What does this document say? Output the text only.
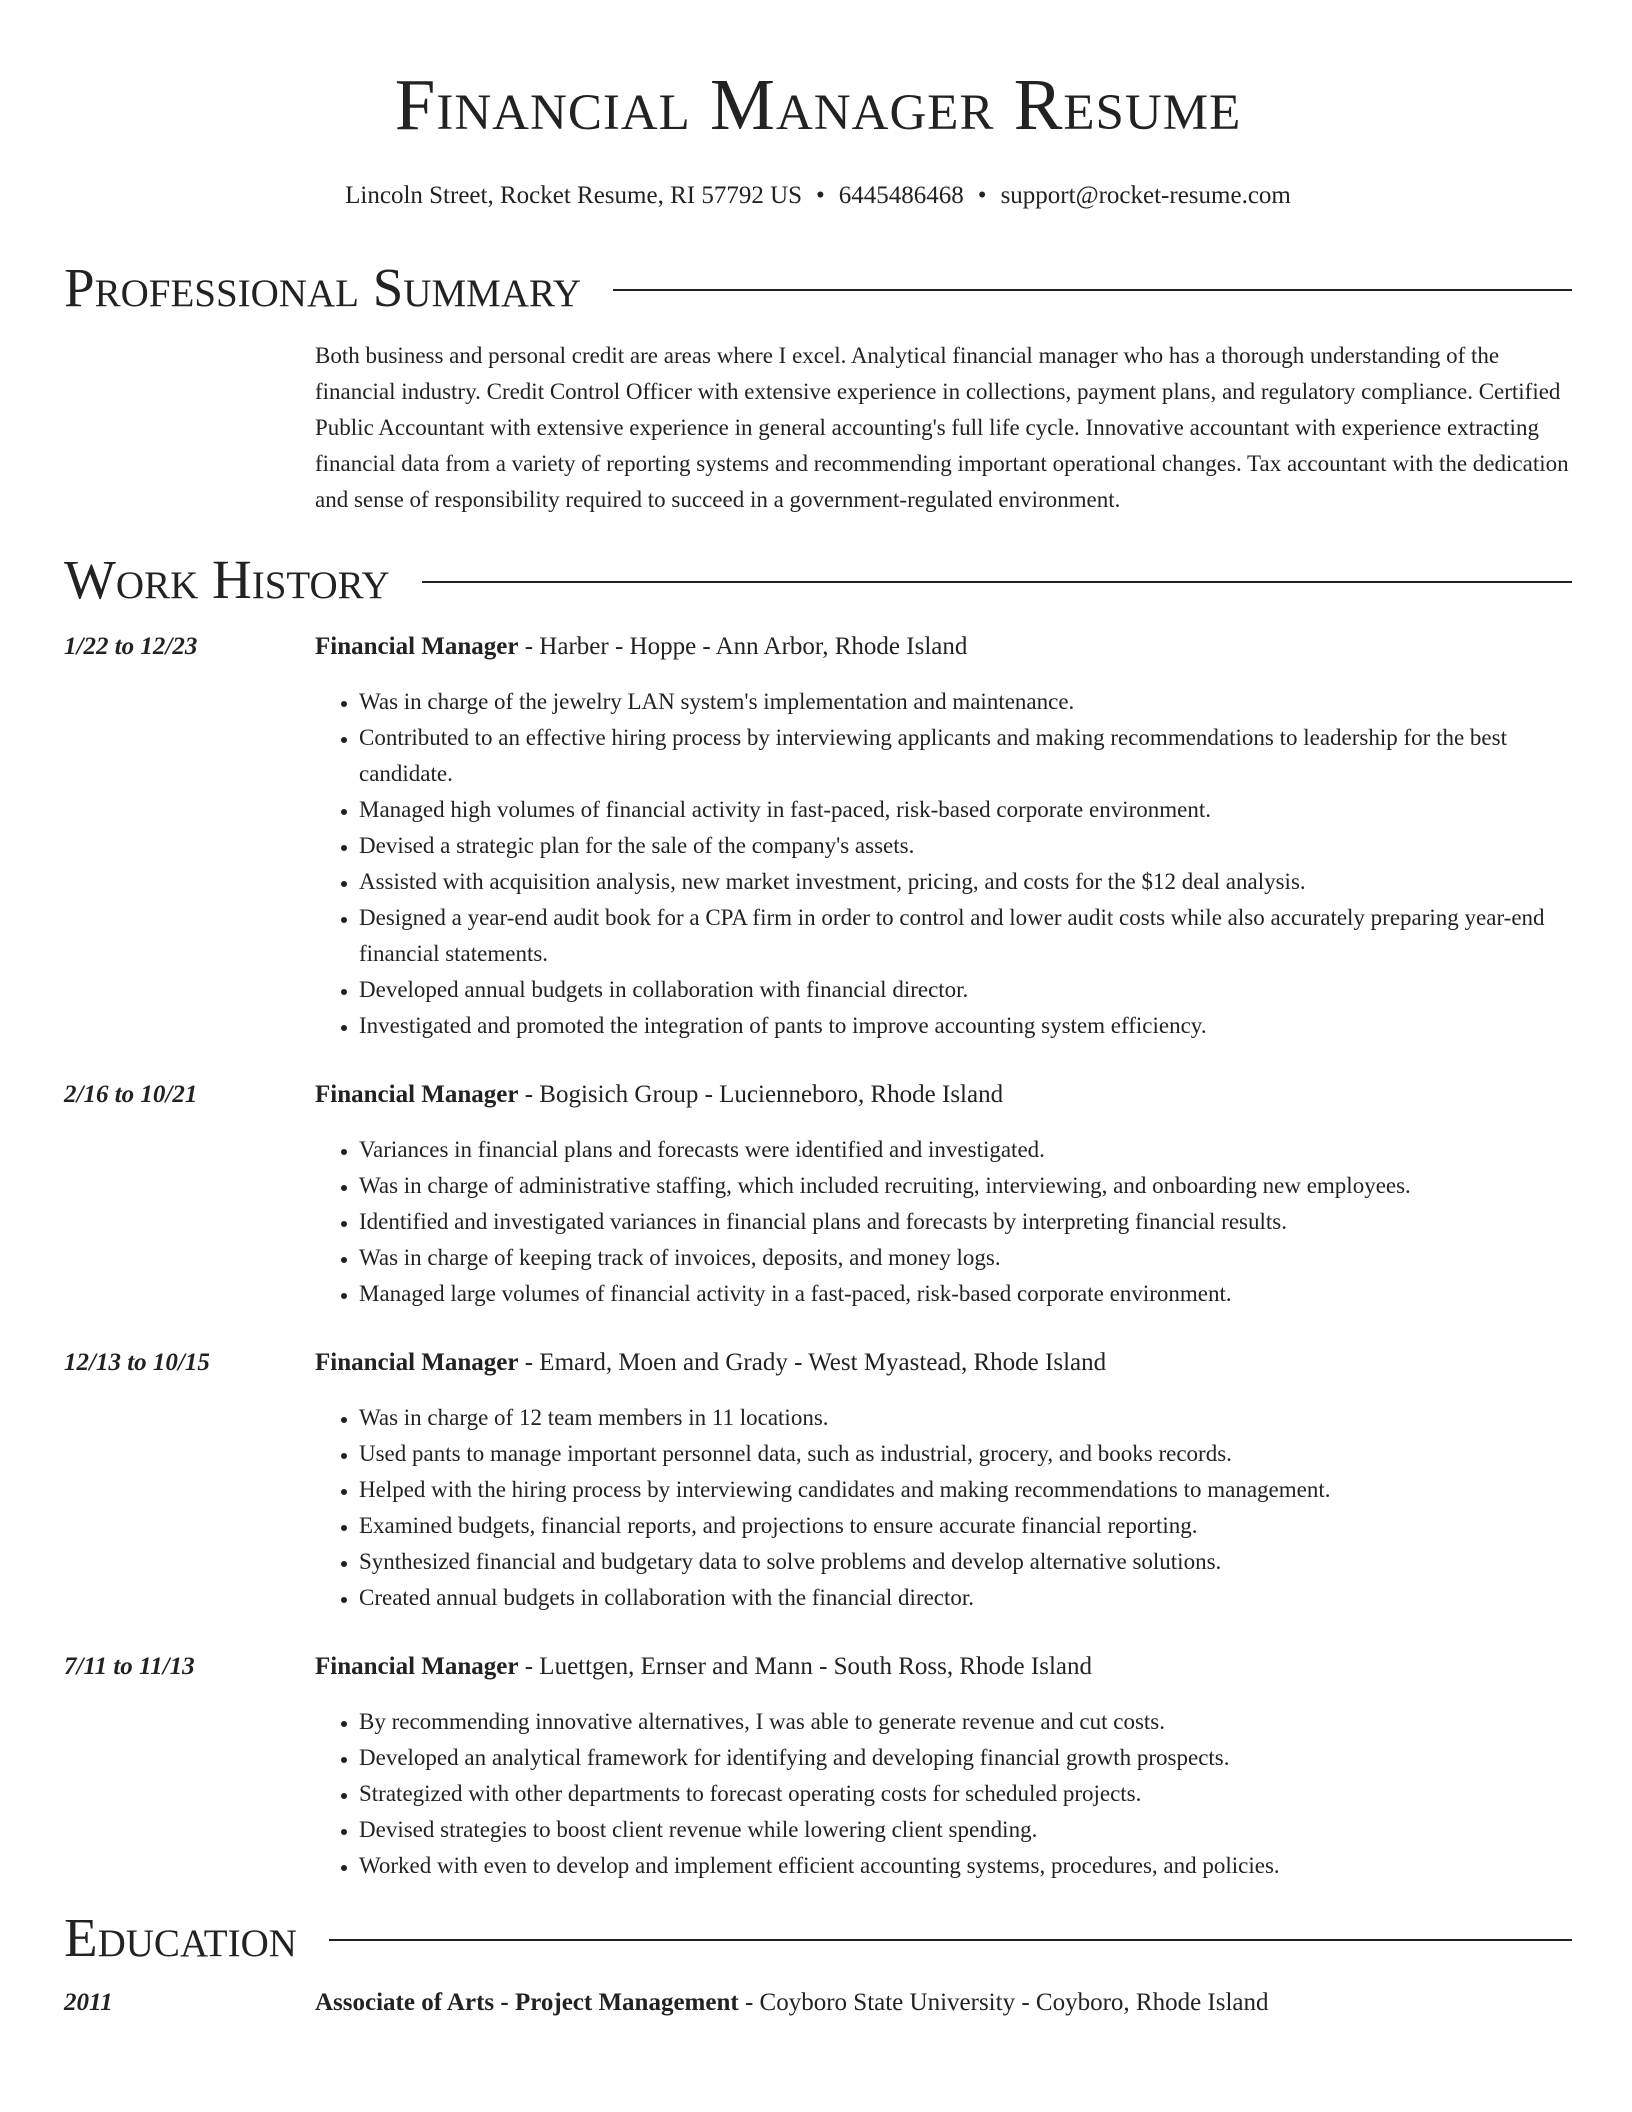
Financial Manager Resume
Lincoln Street, Rocket Resume, RI 57792 US • 6445486468 • support@rocket-resume.com
Professional Summary
Both business and personal credit are areas where I excel. Analytical financial manager who has a thorough understanding of the financial industry. Credit Control Officer with extensive experience in collections, payment plans, and regulatory compliance. Certified Public Accountant with extensive experience in general accounting's full life cycle. Innovative accountant with experience extracting financial data from a variety of reporting systems and recommending important operational changes. Tax accountant with the dedication and sense of responsibility required to succeed in a government-regulated environment.
Work History
1/22 to 12/23	Financial Manager - Harber - Hoppe - Ann Arbor, Rhode Island
• Was in charge of the jewelry LAN system's implementation and maintenance.
• Contributed to an effective hiring process by interviewing applicants and making recommendations to leadership for the best candidate.
• Managed high volumes of financial activity in fast-paced, risk-based corporate environment.
• Devised a strategic plan for the sale of the company's assets.
• Assisted with acquisition analysis, new market investment, pricing, and costs for the $12 deal analysis.
• Designed a year-end audit book for a CPA firm in order to control and lower audit costs while also accurately preparing year-end financial statements.
• Developed annual budgets in collaboration with financial director.
• Investigated and promoted the integration of pants to improve accounting system efficiency.
2/16 to 10/21	Financial Manager - Bogisich Group - Lucienneboro, Rhode Island
• Variances in financial plans and forecasts were identified and investigated.
• Was in charge of administrative staffing, which included recruiting, interviewing, and onboarding new employees.
• Identified and investigated variances in financial plans and forecasts by interpreting financial results.
• Was in charge of keeping track of invoices, deposits, and money logs.
• Managed large volumes of financial activity in a fast-paced, risk-based corporate environment.
12/13 to 10/15	Financial Manager - Emard, Moen and Grady - West Myastead, Rhode Island
• Was in charge of 12 team members in 11 locations.
• Used pants to manage important personnel data, such as industrial, grocery, and books records.
• Helped with the hiring process by interviewing candidates and making recommendations to management.
• Examined budgets, financial reports, and projections to ensure accurate financial reporting.
• Synthesized financial and budgetary data to solve problems and develop alternative solutions.
• Created annual budgets in collaboration with the financial director.
7/11 to 11/13	Financial Manager - Luettgen, Ernser and Mann - South Ross, Rhode Island
• By recommending innovative alternatives, I was able to generate revenue and cut costs.
• Developed an analytical framework for identifying and developing financial growth prospects.
• Strategized with other departments to forecast operating costs for scheduled projects.
• Devised strategies to boost client revenue while lowering client spending.
• Worked with even to develop and implement efficient accounting systems, procedures, and policies.
Education
2011	Associate of Arts - Project Management - Coyboro State University - Coyboro, Rhode Island
